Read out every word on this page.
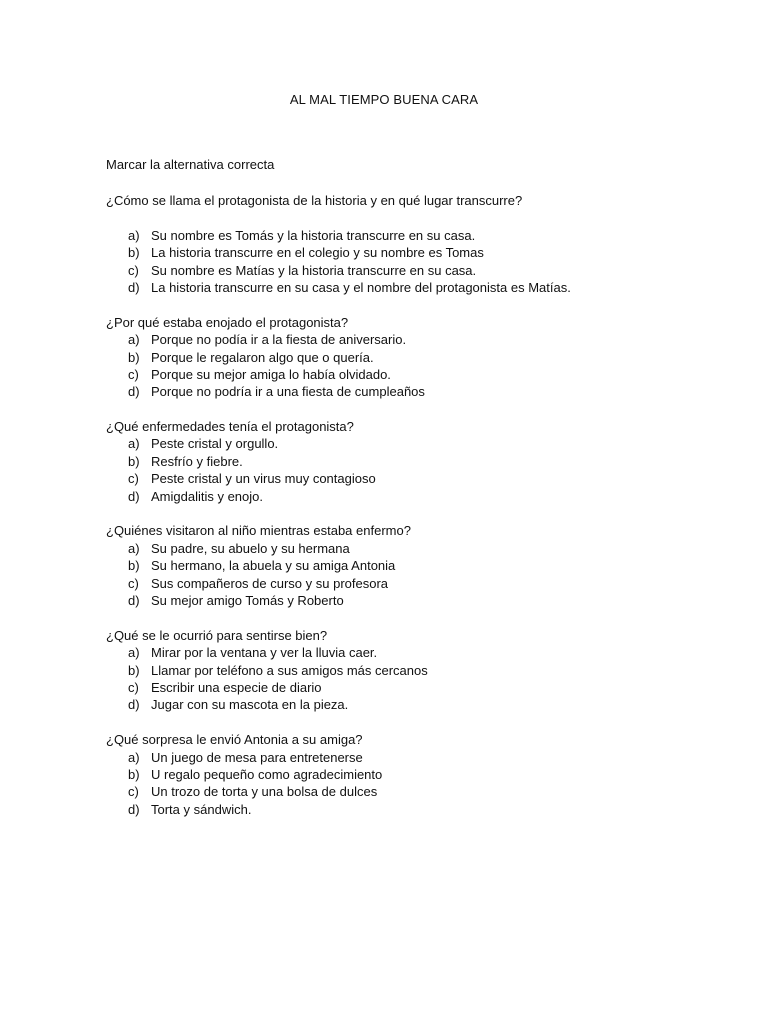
AL MAL TIEMPO BUENA CARA
Marcar la alternativa correcta
¿Cómo se llama el protagonista de la historia y en qué lugar transcurre?
a) Su nombre es Tomás y la historia transcurre en su casa.
b) La historia transcurre en el colegio y su nombre es Tomas
c) Su nombre es Matías y la historia transcurre en su casa.
d) La historia transcurre en su casa y el nombre del protagonista es Matías.
¿Por qué estaba enojado el protagonista?
a) Porque no podía ir a la fiesta de aniversario.
b) Porque le regalaron algo que o quería.
c) Porque su mejor amiga lo había olvidado.
d) Porque no podría ir a una fiesta de cumpleaños
¿Qué enfermedades tenía el protagonista?
a) Peste cristal y orgullo.
b) Resfrío y fiebre.
c) Peste cristal y un virus muy contagioso
d) Amigdalitis y enojo.
¿Quiénes visitaron al niño mientras estaba enfermo?
a) Su padre, su abuelo y su hermana
b) Su hermano, la abuela y su amiga Antonia
c) Sus compañeros de curso y su profesora
d) Su mejor amigo Tomás y Roberto
¿Qué se le ocurrió para sentirse bien?
a) Mirar por la ventana y ver la lluvia caer.
b) Llamar por teléfono a sus amigos más cercanos
c) Escribir una especie de diario
d) Jugar con su mascota en la pieza.
¿Qué sorpresa le envió Antonia a su amiga?
a) Un juego de mesa para entretenerse
b) U regalo pequeño como agradecimiento
c) Un trozo de torta y una bolsa de dulces
d) Torta y sándwich.
